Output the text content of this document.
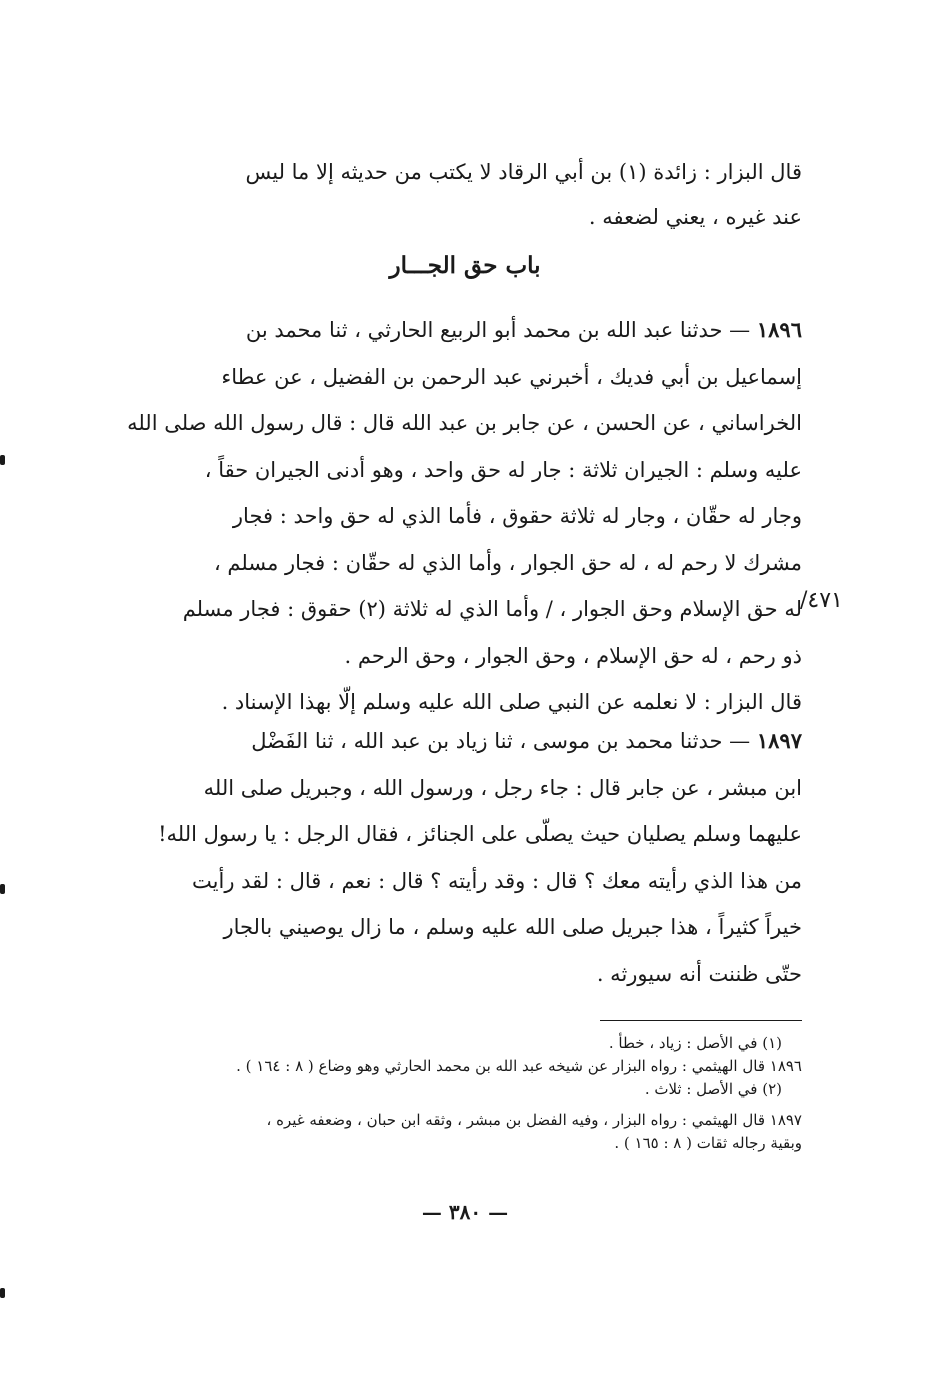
قال البزار : زائدة (١) بن أبي الرقاد لا يكتب من حديثه إلا ما ليس
عند غيره ، يعني لضعفه .
باب حق الجـــار
١٨٩٦ — حدثنا عبد الله بن محمد أبو الربيع الحارثي ، ثنا محمد بن
إسماعيل بن أبي فديك ، أخبرني عبد الرحمن بن الفضيل ، عن عطاء
الخراساني ، عن الحسن ، عن جابر بن عبد الله قال : قال رسول الله صلى الله
عليه وسلم : الجيران ثلاثة : جار له حق واحد ، وهو أدنى الجيران حقاً ،
وجار له حقّان ، وجار له ثلاثة حقوق ، فأما الذي له حق واحد : فجار
مشرك لا رحم له ، له حق الجوار ، وأما الذي له حقّان : فجار مسلم ،
له حق الإسلام وحق الجوار ، / وأما الذي له ثلاثة (٢) حقوق : فجار مسلم
ذو رحم ، له حق الإسلام ، وحق الجوار ، وحق الرحم .
قال البزار : لا نعلمه عن النبي صلى الله عليه وسلم إلّا بهذا الإسناد .
٤٧١/
١٨٩٧ — حدثنا محمد بن موسى ، ثنا زياد بن عبد الله ، ثنا الفَضْل
ابن مبشر ، عن جابر قال : جاء رجل ، ورسول الله ، وجبريل صلى الله
عليهما وسلم يصليان حيث يصلّى على الجنائز ، فقال الرجل : يا رسول الله!
من هذا الذي رأيته معك ؟ قال : وقد رأيته ؟ قال : نعم ، قال : لقد رأيت
خيراً كثيراً ، هذا جبريل صلى الله عليه وسلم ، ما زال يوصيني بالجار
حتّى ظننت أنه سيورثه .
(١) في الأصل : زياد ، خطأ .
١٨٩٦ قال الهيثمي : رواه البزار عن شيخه عبد الله بن محمد الحارثي وهو وضاع ( ٨ : ١٦٤ ) .
(٢) في الأصل : ثلاث .
١٨٩٧ قال الهيثمي : رواه البزار ، وفيه الفضل بن مبشر ، وثقه ابن حبان ، وضعفه غيره ،
وبقية رجاله ثقات ( ٨ : ١٦٥ ) .
— ٣٨٠ —
